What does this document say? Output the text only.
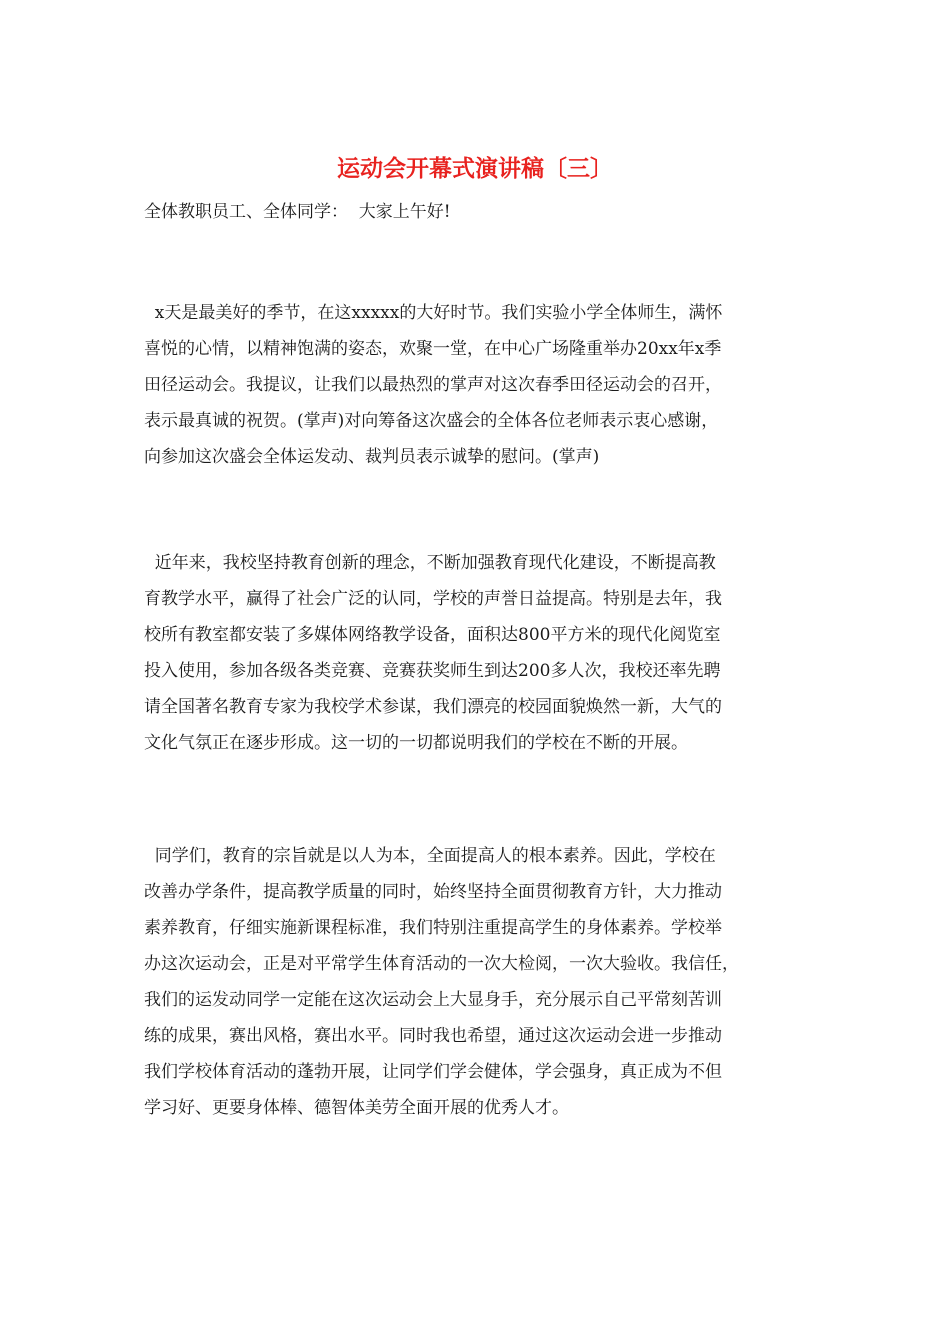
运动会开幕式演讲稿〔三〕
全体教职员工、全体同学：  大家上午好!
x天是最美好的季节，在这xxxxx的大好时节。我们实验小学全体师生，满怀
喜悦的心情，以精神饱满的姿态，欢聚一堂，在中心广场隆重举办20xx年x季
田径运动会。我提议，让我们以最热烈的掌声对这次春季田径运动会的召开，
表示最真诚的祝贺。(掌声)对向筹备这次盛会的全体各位老师表示衷心感谢，
向参加这次盛会全体运发动、裁判员表示诚挚的慰问。(掌声)
近年来，我校坚持教育创新的理念，不断加强教育现代化建设，不断提高教
育教学水平，赢得了社会广泛的认同，学校的声誉日益提高。特别是去年，我
校所有教室都安装了多媒体网络教学设备，面积达800平方米的现代化阅览室
投入使用，参加各级各类竞赛、竞赛获奖师生到达200多人次，我校还率先聘
请全国著名教育专家为我校学术参谋，我们漂亮的校园面貌焕然一新，大气的
文化气氛正在逐步形成。这一切的一切都说明我们的学校在不断的开展。
同学们，教育的宗旨就是以人为本，全面提高人的根本素养。因此，学校在
改善办学条件，提高教学质量的同时，始终坚持全面贯彻教育方针，大力推动
素养教育，仔细实施新课程标准，我们特别注重提高学生的身体素养。学校举
办这次运动会，正是对平常学生体育活动的一次大检阅，一次大验收。我信任，
我们的运发动同学一定能在这次运动会上大显身手，充分展示自己平常刻苦训
练的成果，赛出风格，赛出水平。同时我也希望，通过这次运动会进一步推动
我们学校体育活动的蓬勃开展，让同学们学会健体，学会强身，真正成为不但
学习好、更要身体棒、德智体美劳全面开展的优秀人才。
